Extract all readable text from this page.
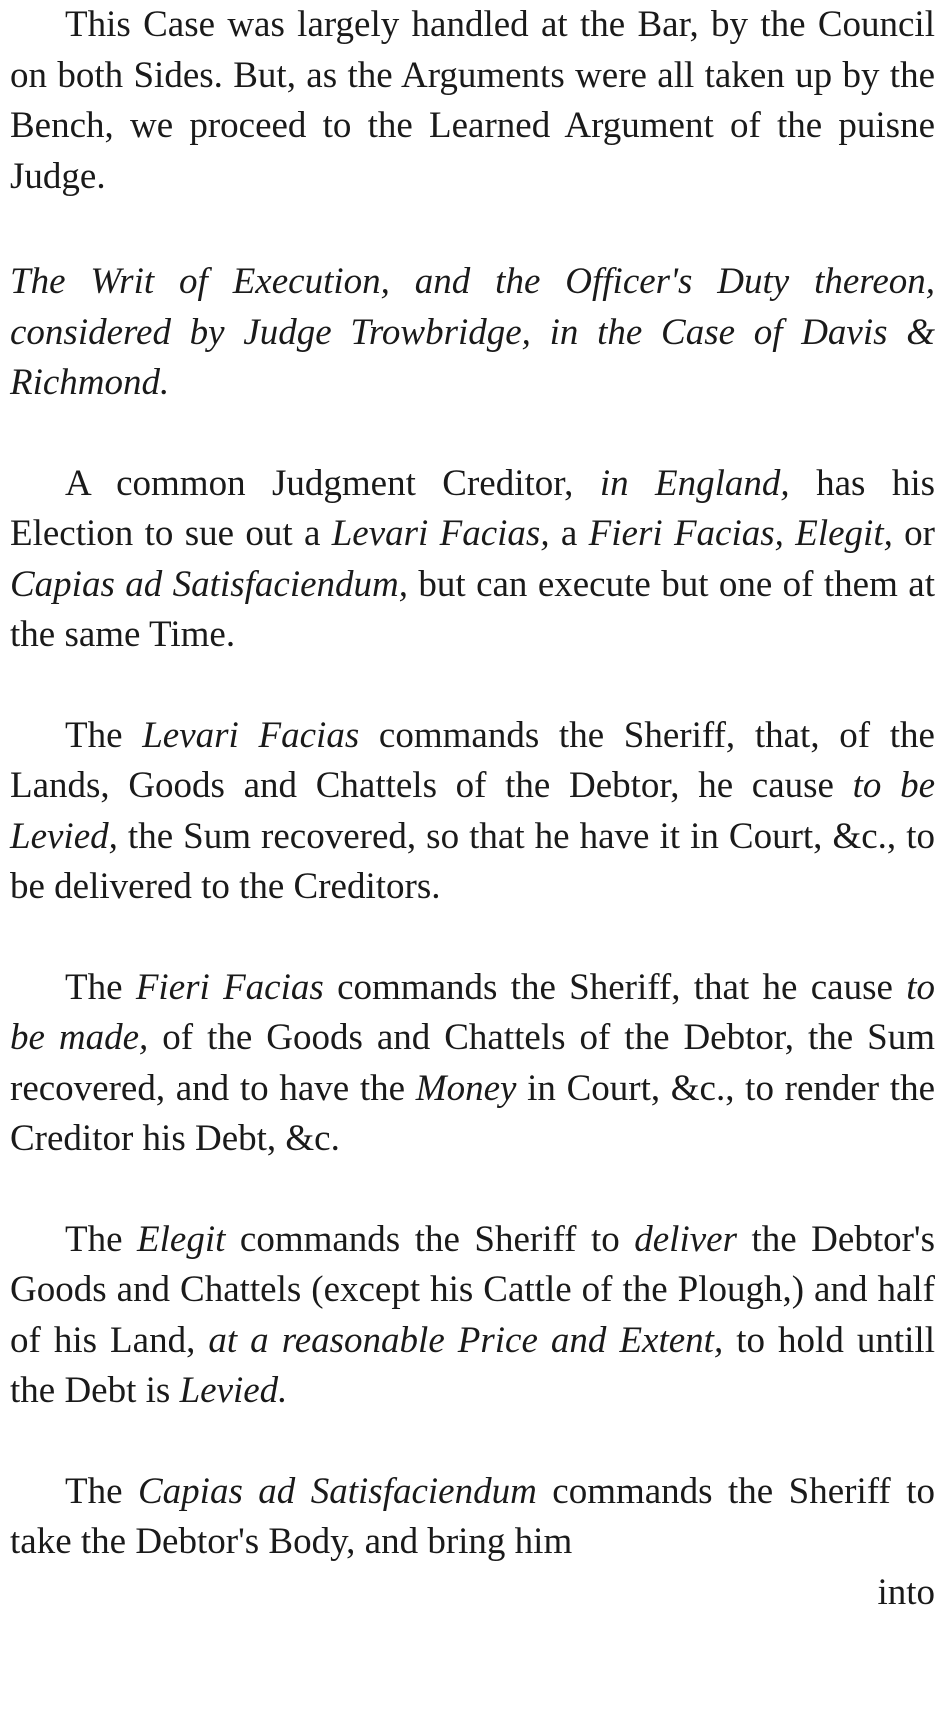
This Case was largely handled at the Bar, by the Council on both Sides. But, as the Arguments were all taken up by the Bench, we proceed to the Learned Argument of the puisne Judge.

The Writ of Execution, and the Officer's Duty thereon, considered by Judge Trowbridge, in the Case of Davis & Richmond.

A common Judgment Creditor, in England, has his Election to sue out a Levari Facias, a Fieri Facias, Elegit, or Capias ad Satisfaciendum, but can execute but one of them at the same Time.

The Levari Facias commands the Sheriff, that, of the Lands, Goods and Chattels of the Debtor, he cause to be Levied, the Sum recovered, so that he have it in Court, &c., to be delivered to the Creditors.

The Fieri Facias commands the Sheriff, that he cause to be made, of the Goods and Chattels of the Debtor, the Sum recovered, and to have the Money in Court, &c., to render the Creditor his Debt, &c.

The Elegit commands the Sheriff to deliver the Debtor's Goods and Chattels (except his Cattle of the Plough,) and half of his Land, at a reasonable Price and Extent, to hold untill the Debt is Levied.

The Capias ad Satisfaciendum commands the Sheriff to take the Debtor's Body, and bring him

into
